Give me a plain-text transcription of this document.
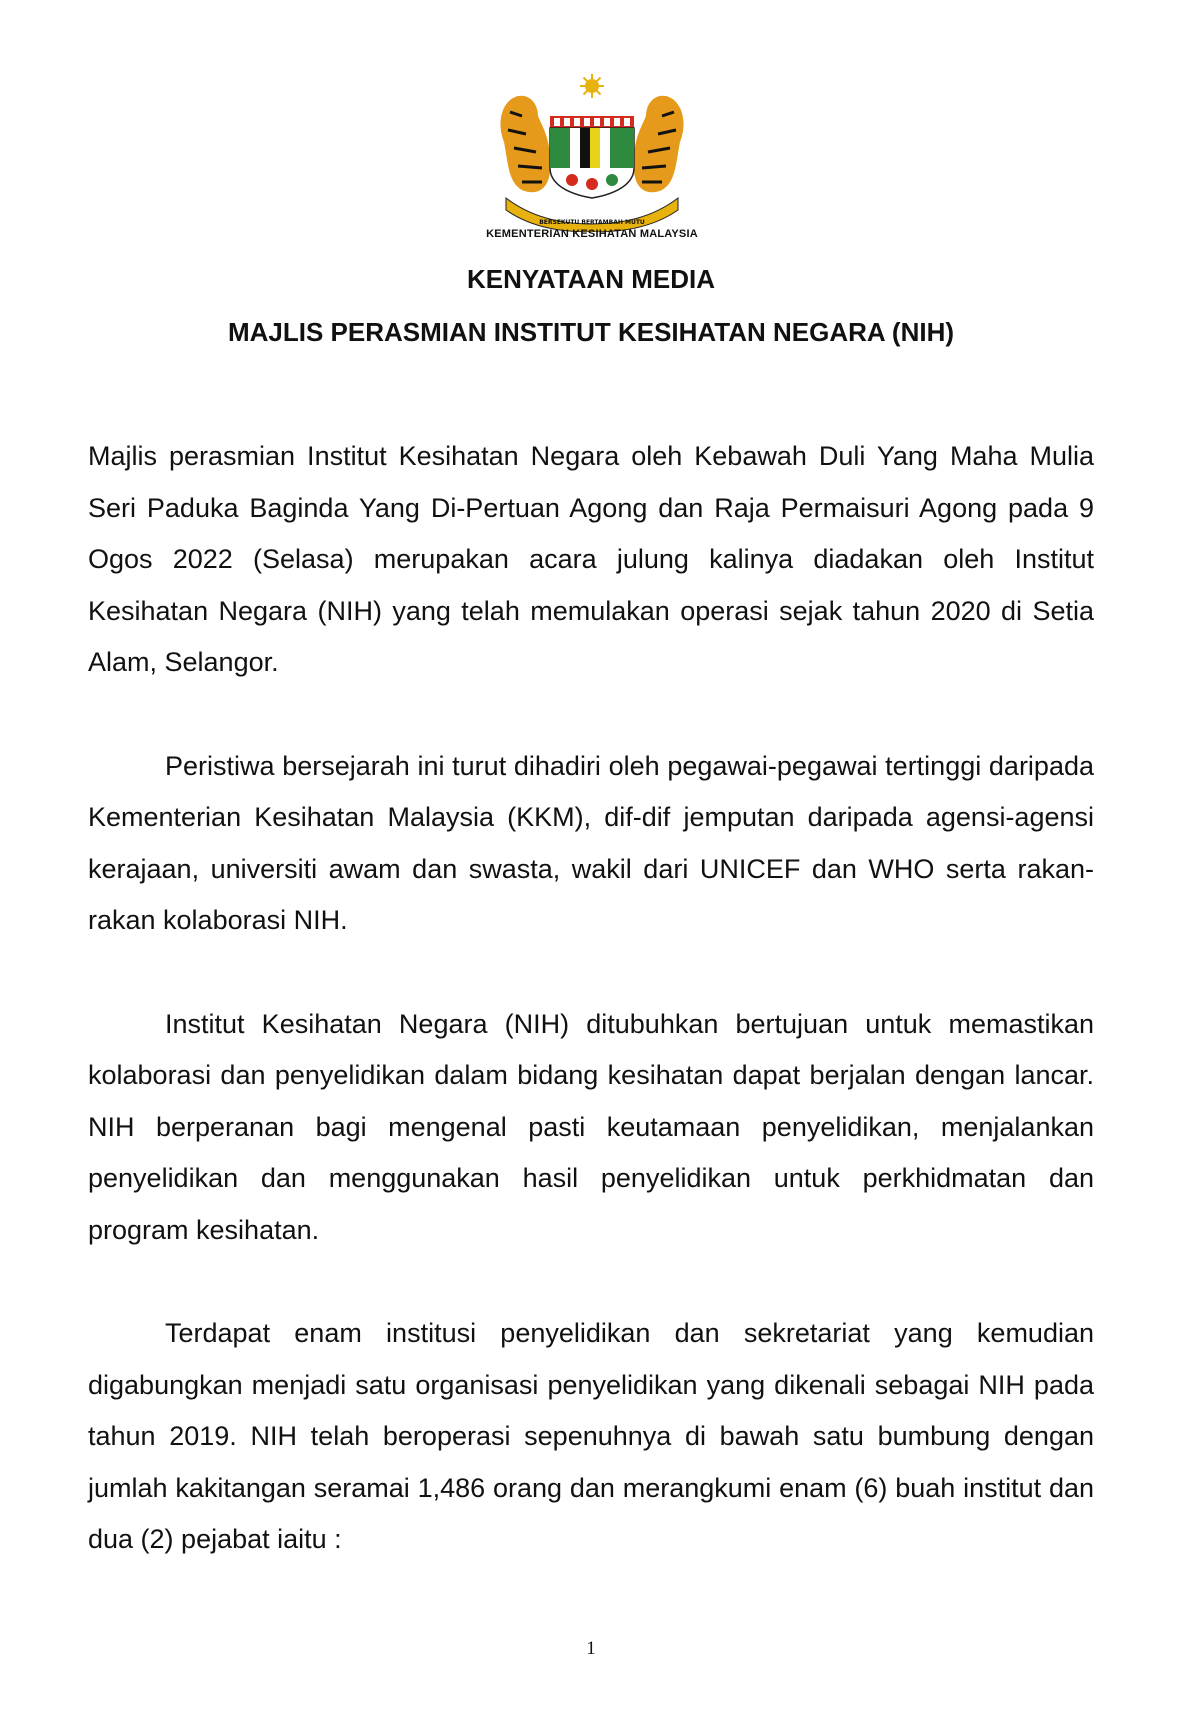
BERSEKUTU BERTAMBAH MUTU
KEMENTERIAN KESIHATAN MALAYSIA
KENYATAAN MEDIA
MAJLIS PERASMIAN INSTITUT KESIHATAN NEGARA (NIH)

Majlis perasmian Institut Kesihatan Negara oleh Kebawah Duli Yang Maha Mulia Seri Paduka Baginda Yang Di-Pertuan Agong dan Raja Permaisuri Agong pada 9 Ogos 2022 (Selasa) merupakan acara julung kalinya diadakan oleh Institut Kesihatan Negara (NIH) yang telah memulakan operasi sejak tahun 2020 di Setia Alam, Selangor.

Peristiwa bersejarah ini turut dihadiri oleh pegawai-pegawai tertinggi daripada Kementerian Kesihatan Malaysia (KKM), dif-dif jemputan daripada agensi-agensi kerajaan, universiti awam dan swasta, wakil dari UNICEF dan WHO serta rakan-rakan kolaborasi NIH.

Institut Kesihatan Negara (NIH) ditubuhkan bertujuan untuk memastikan kolaborasi dan penyelidikan dalam bidang kesihatan dapat berjalan dengan lancar. NIH berperanan bagi mengenal pasti keutamaan penyelidikan, menjalankan penyelidikan dan menggunakan hasil penyelidikan untuk perkhidmatan dan program kesihatan.

Terdapat enam institusi penyelidikan dan sekretariat yang kemudian digabungkan menjadi satu organisasi penyelidikan yang dikenali sebagai NIH pada tahun 2019. NIH telah beroperasi sepenuhnya di bawah satu bumbung dengan jumlah kakitangan seramai 1,486 orang dan merangkumi enam (6) buah institut dan dua (2) pejabat iaitu :

1
